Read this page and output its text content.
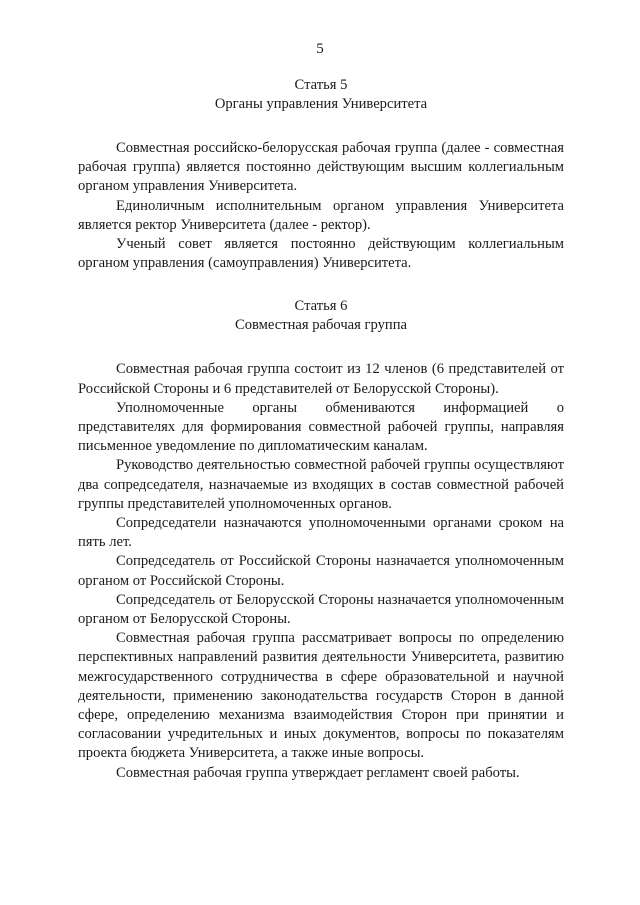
5
Статья 5
Органы управления Университета

Совместная российско-белорусская рабочая группа (далее - совместная рабочая группа) является постоянно действующим высшим коллегиальным органом управления Университета.

Единоличным исполнительным органом управления Университета является ректор Университета (далее - ректор).

Ученый совет является постоянно действующим коллегиальным органом управления (самоуправления) Университета.

Статья 6
Совместная рабочая группа

Совместная рабочая группа состоит из 12 членов (6 представителей от Российской Стороны и 6 представителей от Белорусской Стороны).

Уполномоченные органы обмениваются информацией о представителях для формирования совместной рабочей группы, направляя письменное уведомление по дипломатическим каналам.

Руководство деятельностью совместной рабочей группы осуществляют два сопредседателя, назначаемые из входящих в состав совместной рабочей группы представителей уполномоченных органов.

Сопредседатели назначаются уполномоченными органами сроком на пять лет.

Сопредседатель от Российской Стороны назначается уполномоченным органом от Российской Стороны.

Сопредседатель от Белорусской Стороны назначается уполномоченным органом от Белорусской Стороны.

Совместная рабочая группа рассматривает вопросы по определению перспективных направлений развития деятельности Университета, развитию межгосударственного сотрудничества в сфере образовательной и научной деятельности, применению законодательства государств Сторон в данной сфере, определению механизма взаимодействия Сторон при принятии и согласовании учредительных и иных документов, вопросы по показателям проекта бюджета Университета, а также иные вопросы.

Совместная рабочая группа утверждает регламент своей работы.
